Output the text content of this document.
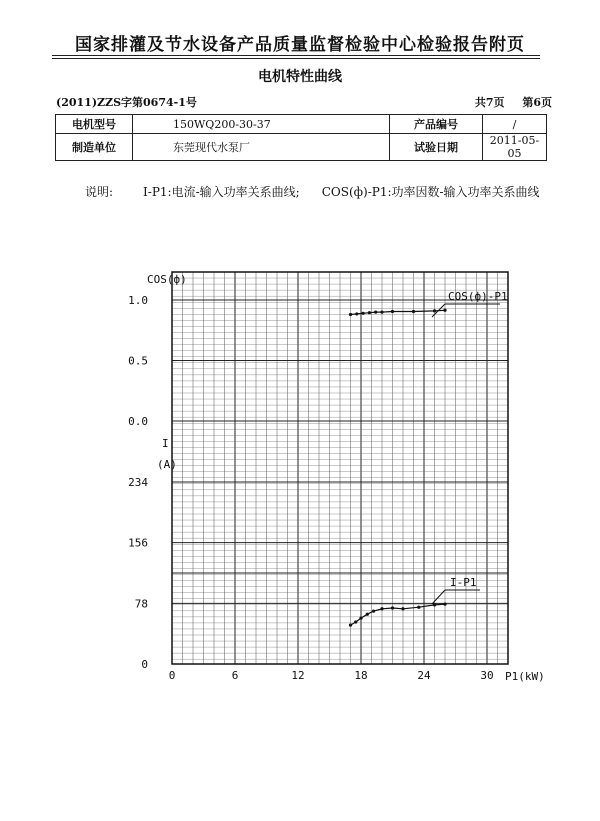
国家排灌及节水设备产品质量监督检验中心检验报告附页
电机特性曲线
(2011)ZZS字第0674-1号	共7页 第6页
电机型号	150WQ200-30-37	产品编号	/
制造单位	东莞现代水泵厂	试验日期	2011-05-05
说明:	I-P1:电流-输入功率关系曲线; COS(ф)-P1:功率因数-输入功率关系曲线
0	6	12	18	24	30
0.0
0.5
1.0
0
78
156
234
COS(ф)
I
(A)
P1(kW)
COS(ф)-P1
I-P1
